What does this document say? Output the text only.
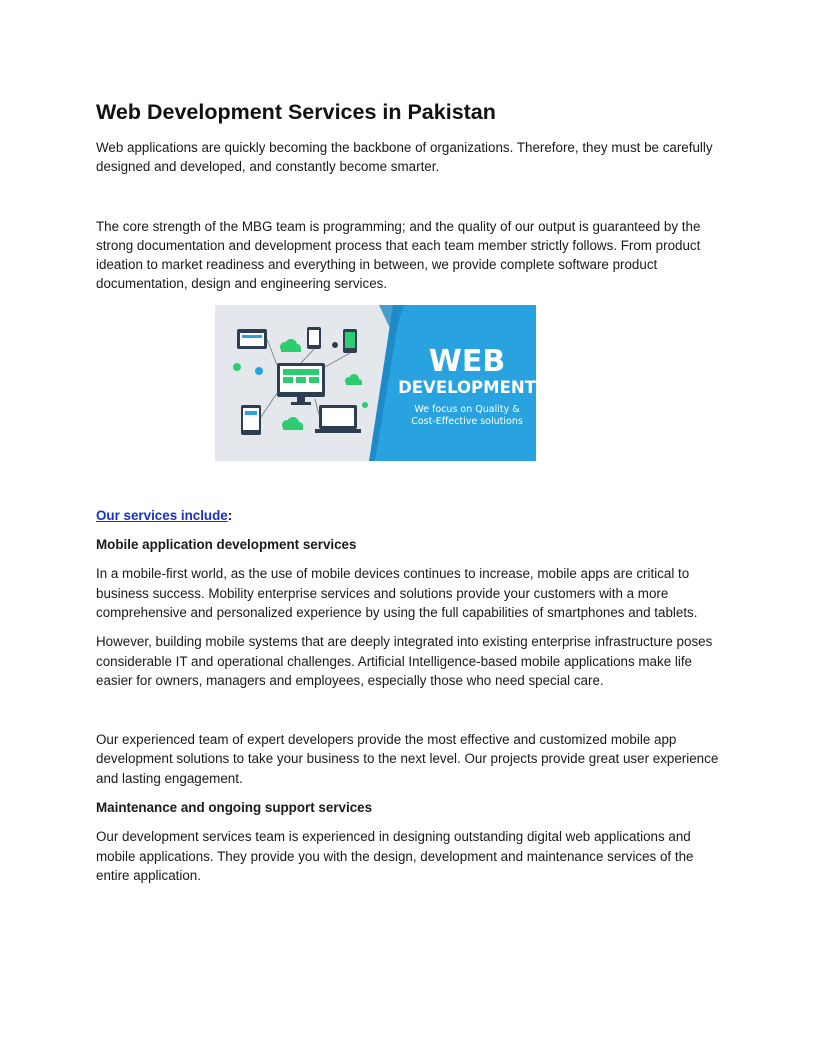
Web Development Services in Pakistan

Web applications are quickly becoming the backbone of organizations. Therefore, they must be carefully designed and developed, and constantly become smarter.

The core strength of the MBG team is programming; and the quality of our output is guaranteed by the strong documentation and development process that each team member strictly follows. From product ideation to market readiness and everything in between, we provide complete software product documentation, design and engineering services.

WEB
DEVELOPMENT
We focus on Quality &
Cost-Effective solutions

Our services include:

Mobile application development services

In a mobile-first world, as the use of mobile devices continues to increase, mobile apps are critical to business success. Mobility enterprise services and solutions provide your customers with a more comprehensive and personalized experience by using the full capabilities of smartphones and tablets.

However, building mobile systems that are deeply integrated into existing enterprise infrastructure poses considerable IT and operational challenges. Artificial Intelligence-based mobile applications make life easier for owners, managers and employees, especially those who need special care.

Our experienced team of expert developers provide the most effective and customized mobile app development solutions to take your business to the next level. Our projects provide great user experience and lasting engagement.

Maintenance and ongoing support services

Our development services team is experienced in designing outstanding digital web applications and mobile applications. They provide you with the design, development and maintenance services of the entire application.
